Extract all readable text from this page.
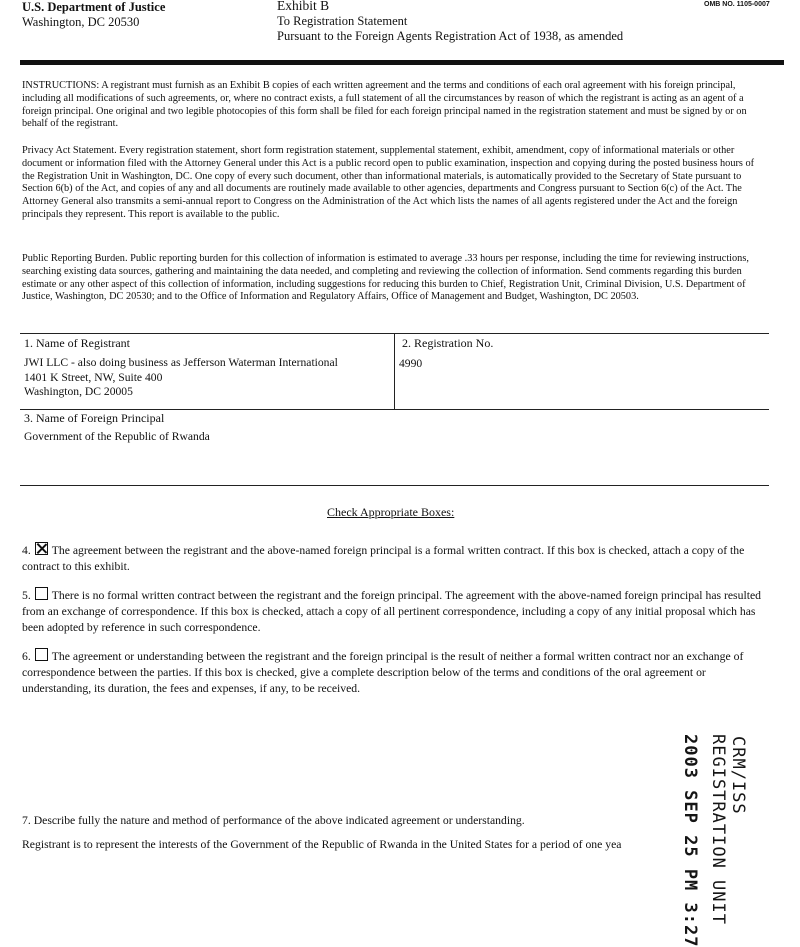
U.S. Department of Justice
Washington, DC 20530
Exhibit B
To Registration Statement
Pursuant to the Foreign Agents Registration Act of 1938, as amended
OMB NO. 1105-0007
INSTRUCTIONS: A registrant must furnish as an Exhibit B copies of each written agreement and the terms and conditions of each oral agreement with his foreign principal, including all modifications of such agreements, or, where no contract exists, a full statement of all the circumstances by reason of which the registrant is acting as an agent of a foreign principal. One original and two legible photocopies of this form shall be filed for each foreign principal named in the registration statement and must be signed by or on behalf of the registrant.
Privacy Act Statement. Every registration statement, short form registration statement, supplemental statement, exhibit, amendment, copy of informational materials or other document or information filed with the Attorney General under this Act is a public record open to public examination, inspection and copying during the posted business hours of the Registration Unit in Washington, DC. One copy of every such document, other than informational materials, is automatically provided to the Secretary of State pursuant to Section 6(b) of the Act, and copies of any and all documents are routinely made available to other agencies, departments and Congress pursuant to Section 6(c) of the Act. The Attorney General also transmits a semi-annual report to Congress on the Administration of the Act which lists the names of all agents registered under the Act and the foreign principals they represent. This report is available to the public.
Public Reporting Burden. Public reporting burden for this collection of information is estimated to average .33 hours per response, including the time for reviewing instructions, searching existing data sources, gathering and maintaining the data needed, and completing and reviewing the collection of information. Send comments regarding this burden estimate or any other aspect of this collection of information, including suggestions for reducing this burden to Chief, Registration Unit, Criminal Division, U.S. Department of Justice, Washington, DC 20530; and to the Office of Information and Regulatory Affairs, Office of Management and Budget, Washington, DC 20503.
1. Name of Registrant
JWI LLC - also doing business as Jefferson Waterman International
1401 K Street, NW, Suite 400
Washington, DC 20005
2. Registration No.
4990
3. Name of Foreign Principal
Government of the Republic of Rwanda
Check Appropriate Boxes:
4. The agreement between the registrant and the above-named foreign principal is a formal written contract. If this box is checked, attach a copy of the contract to this exhibit.
5. There is no formal written contract between the registrant and the foreign principal. The agreement with the above-named foreign principal has resulted from an exchange of correspondence. If this box is checked, attach a copy of all pertinent correspondence, including a copy of any initial proposal which has been adopted by reference in such correspondence.
6. The agreement or understanding between the registrant and the foreign principal is the result of neither a formal written contract nor an exchange of correspondence between the parties. If this box is checked, give a complete description below of the terms and conditions of the oral agreement or understanding, its duration, the fees and expenses, if any, to be received.
7. Describe fully the nature and method of performance of the above indicated agreement or understanding.
Registrant is to represent the interests of the Government of the Republic of Rwanda in the United States for a period of one yea
CRM/ISS
REGISTRATION UNIT
2003 SEP 25 PM 3:27
